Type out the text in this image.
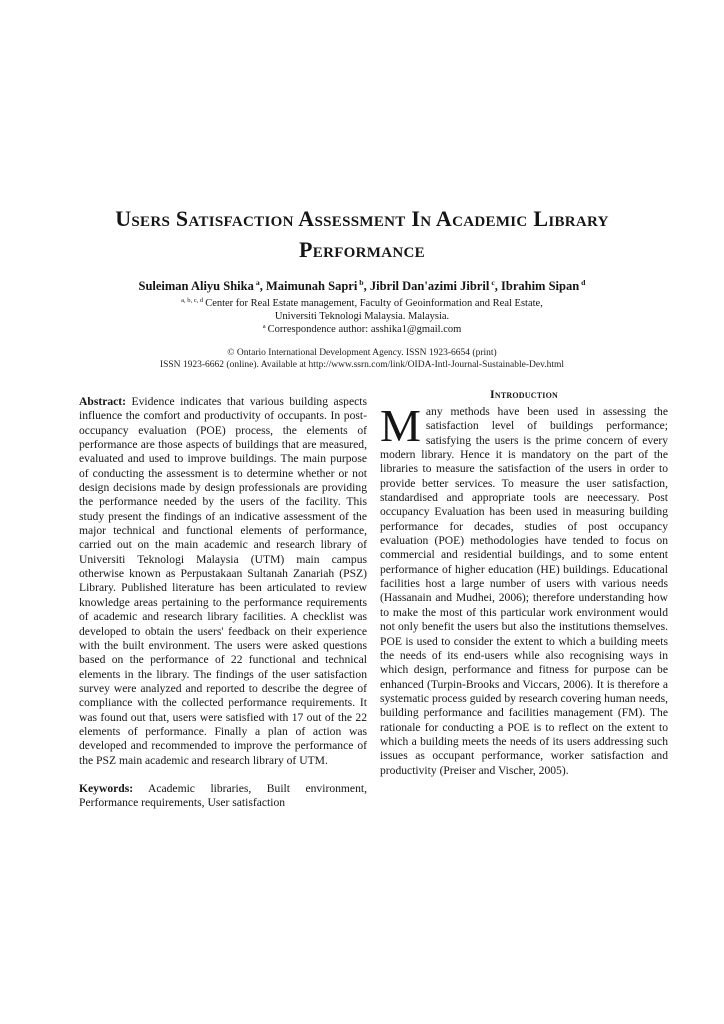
Users Satisfaction Assessment In Academic Library Performance
Suleiman Aliyu Shika $^a$, Maimunah Sapri $^b$, Jibril Dan'azimi Jibril $^c$, Ibrahim Sipan $^d$
$^{a, b, c, d}$ Center for Real Estate management, Faculty of Geoinformation and Real Estate,
Universiti Teknologi Malaysia. Malaysia.
$^a$ Correspondence author: asshika1@gmail.com
© Ontario International Development Agency. ISSN 1923-6654 (print)
ISSN 1923-6662 (online). Available at http://www.ssrn.com/link/OIDA-Intl-Journal-Sustainable-Dev.html

Abstract: Evidence indicates that various building aspects influence the comfort and productivity of occupants. In post-occupancy evaluation (POE) process, the elements of performance are those aspects of buildings that are measured, evaluated and used to improve buildings. The main purpose of conducting the assessment is to determine whether or not design decisions made by design professionals are providing the performance needed by the users of the facility. This study present the findings of an indicative assessment of the major technical and functional elements of performance, carried out on the main academic and research library of Universiti Teknologi Malaysia (UTM) main campus otherwise known as Perpustakaan Sultanah Zanariah (PSZ) Library. Published literature has been articulated to review knowledge areas pertaining to the performance requirements of academic and research library facilities. A checklist was developed to obtain the users' feedback on their experience with the built environment. The users were asked questions based on the performance of 22 functional and technical elements in the library. The findings of the user satisfaction survey were analyzed and reported to describe the degree of compliance with the collected performance requirements. It was found out that, users were satisfied with 17 out of the 22 elements of performance. Finally a plan of action was developed and recommended to improve the performance of the PSZ main academic and research library of UTM.

Keywords: Academic libraries, Built environment, Performance requirements, User satisfaction

Introduction

Many methods have been used in assessing the satisfaction level of buildings performance; satisfying the users is the prime concern of every modern library. Hence it is mandatory on the part of the libraries to measure the satisfaction of the users in order to provide better services. To measure the user satisfaction, standardised and appropriate tools are neecessary. Post occupancy Evaluation has been used in measuring building performance for decades, studies of post occupancy evaluation (POE) methodologies have tended to focus on commercial and residential buildings, and to some entent performance of higher education (HE) buildings. Educational facilities host a large number of users with various needs (Hassanain and Mudhei, 2006); therefore understanding how to make the most of this particular work environment would not only benefit the users but also the institutions themselves. POE is used to consider the extent to which a building meets the needs of its end-users while also recognising ways in which design, performance and fitness for purpose can be enhanced (Turpin-Brooks and Viccars, 2006). It is therefore a systematic process guided by research covering human needs, building performance and facilities management (FM). The rationale for conducting a POE is to reflect on the extent to which a building meets the needs of its users addressing such issues as occupant performance, worker satisfaction and productivity (Preiser and Vischer, 2005).
